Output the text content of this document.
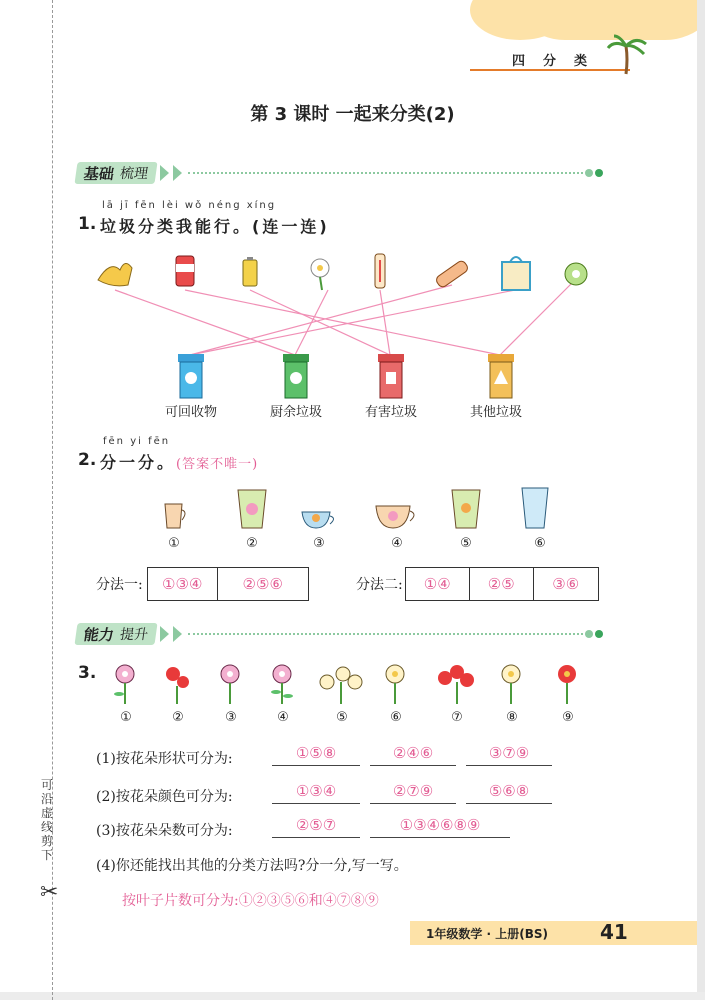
可沿虚线剪下
✂
四分类
第 3 课时 一起来分类(2)
基础 梳理
lā jī fēn lèi wǒ néng xíng
1. 垃圾分类我能行。(连一连)
可回收物	厨余垃圾	有害垃圾	其他垃圾
fēn yi fēn
2. 分一分。(答案不唯一)
①	②	③	④	⑤	⑥
分法一:	①③④	②⑤⑥	分法二:	①④	②⑤	③⑥
能力 提升
3.
①	②	③	④	⑤	⑥	⑦	⑧	⑨
(1)按花朵形状可分为:	①⑤⑧	②④⑥	③⑦⑨
(2)按花朵颜色可分为:	①③④	②⑦⑨	⑤⑥⑧
(3)按花朵朵数可分为:	②⑤⑦	①③④⑥⑧⑨
(4)你还能找出其他的分类方法吗?分一分,写一写。
按叶子片数可分为:①②③⑤⑥和④⑦⑧⑨
1年级数学 · 上册(BS)	41
